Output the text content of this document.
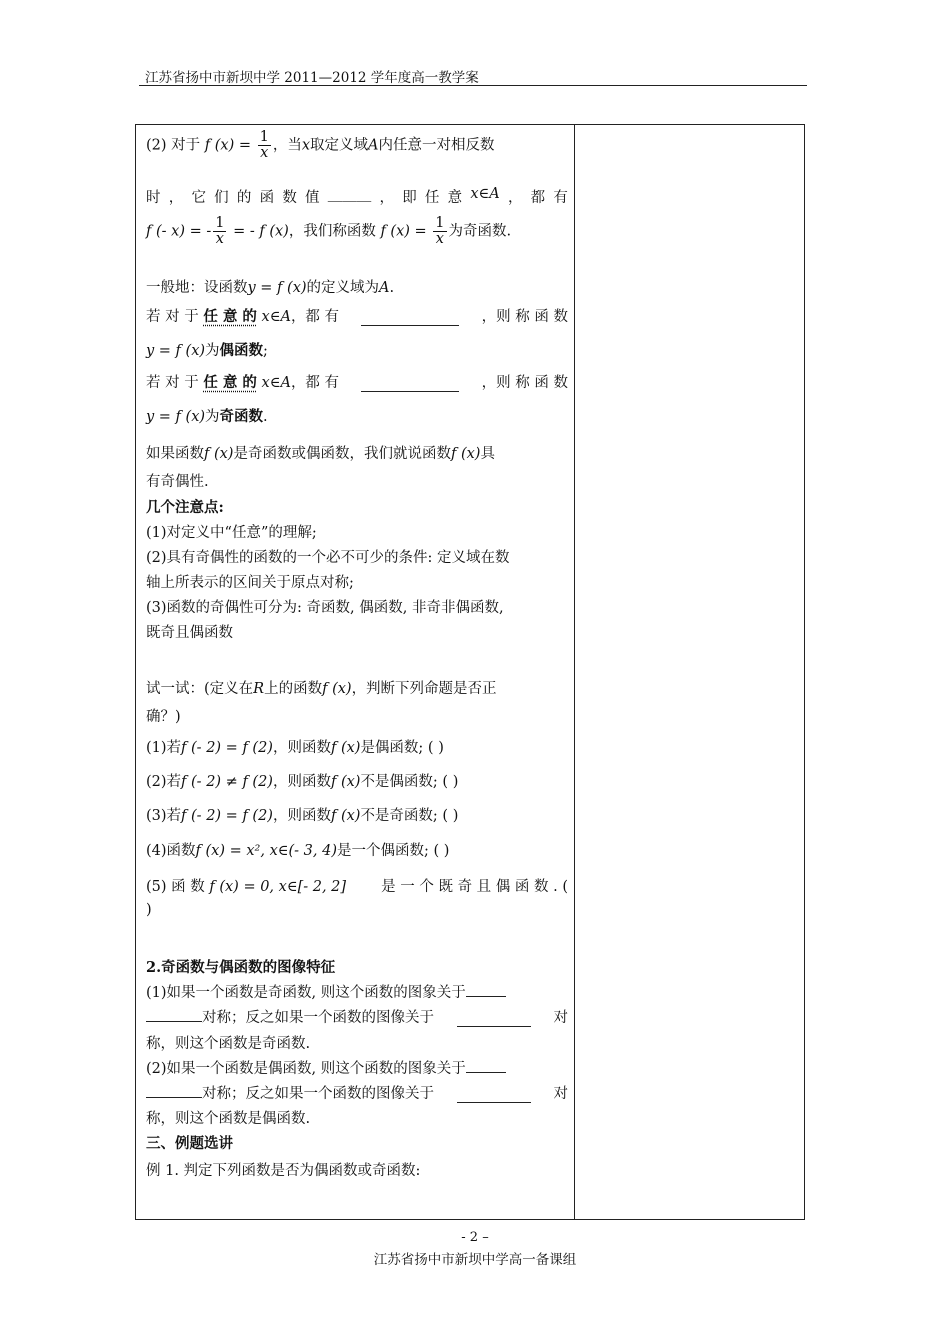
江苏省扬中市新坝中学 2011—2012 学年度高一教学案
(2) 对于 f $(x) = \frac{1}{x}$ ，当x取定义域A内任意一对相反数
时 ， 它 们 的 函 数 值 ______ ， 即 任 意 x∈A ， 都 有
f (- x) = - $\frac{1}{x}$ = - f (x)，我们称函数 f $(x) = \frac{1}{x}$ 为奇函数.
一般地：设函数y = f (x)的定义域为A.
若 对 于 任 意 的 x∈A，都 有	，则 称 函 数
y = f (x)为偶函数;
若 对 于 任 意 的 x∈A，都 有	，则 称 函 数
y = f (x)为奇函数.
如果函数f (x)是奇函数或偶函数，我们就说函数f (x)具
有奇偶性.
几个注意点:
(1)对定义中“任意”的理解;
(2)具有奇偶性的函数的一个必不可少的条件: 定义域在数
轴上所表示的区间关于原点对称;
(3)函数的奇偶性可分为: 奇函数, 偶函数, 非奇非偶函数,
既奇且偶函数
试一试：(定义在R上的函数f (x)，判断下列命题是否正
确？)
(1)若f (- 2) = f (2)，则函数f (x)是偶函数; ( )
(2)若f (- 2) ≠ f (2)，则函数f (x)不是偶函数; ( )
(3)若f (- 2) = f (2)，则函数f (x)不是奇函数; ( )
(4)函数f (x) = x², x∈(- 3, 4)是一个偶函数; ( )
(5) 函 数 f (x) = 0, x∈[- 2, 2] 是 一 个 既 奇 且 偶 函 数 . (
)
2.奇函数与偶函数的图像特征
(1)如果一个函数是奇函数, 则这个函数的图象关于
对称；反之如果一个函数的图像关于	对
称，则这个函数是奇函数.
(2)如果一个函数是偶函数, 则这个函数的图象关于
对称；反之如果一个函数的图像关于	对
称，则这个函数是偶函数.
三、例题选讲
例 1. 判定下列函数是否为偶函数或奇函数:
- 2 –
江苏省扬中市新坝中学高一备课组
